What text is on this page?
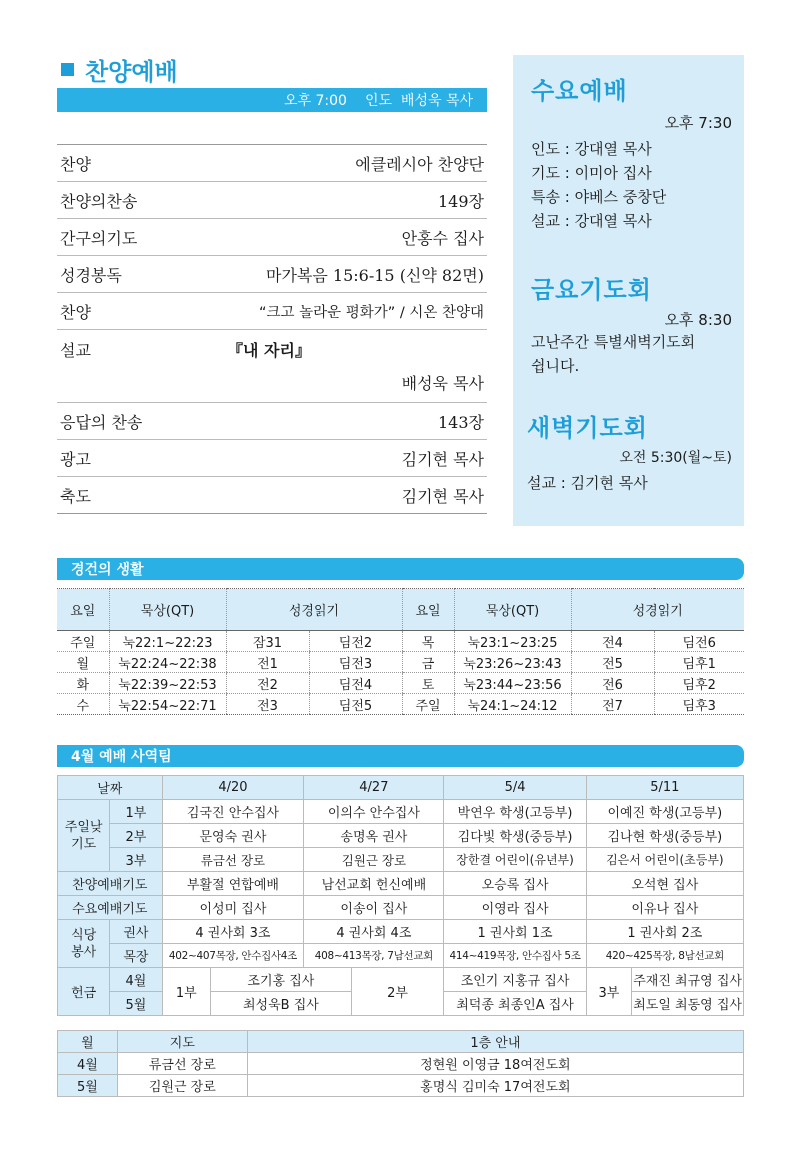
찬양예배
오후 7:00 인도  배성욱 목사
찬양	에클레시아 찬양단
찬양의찬송	149장
간구의기도	안홍수 집사
성경봉독	마가복음 15:6-15 (신약 82면)
찬양	“크고 놀라운 평화가” / 시온 찬양대
설교	『내 자리』
배성욱 목사
응답의 찬송	143장
광고	김기현 목사
축도	김기현 목사
수요예배
오후 7:30
인도 : 강대열 목사
기도 : 이미아 집사
특송 : 야베스 중창단
설교 : 강대열 목사
금요기도회
오후 8:30
고난주간 특별새벽기도회
쉽니다.
새벽기도회
오전 5:30(월~토)
설교 : 김기현 목사
경건의 생활
요일	묵상(QT)	성경읽기		요일	묵상(QT)	성경읽기	
주일	눅22:1~22:23	잠31	딤전2	목	눅23:1~23:25	전4	딤전6
월	눅22:24~22:38	전1	딤전3	금	눅23:26~23:43	전5	딤후1
화	눅22:39~22:53	전2	딤전4	토	눅23:44~23:56	전6	딤후2
수	눅22:54~22:71	전3	딤전5	주일	눅24:1~24:12	전7	딤후3
4월 예배 사역팀
날짜		4/20		4/27		5/4	5/11	
주일낮
기도	1부	김국진 안수집사		이의수 안수집사		박연우 학생(고등부)	이예진 학생(고등부)	
	2부	문영숙 권사		송명옥 권사		김다빛 학생(중등부)	김나현 학생(중등부)	
	3부	류금선 장로		김원근 장로		장한결 어린이(유년부)	김은서 어린이(초등부)	
찬양예배기도		부활절 연합예배		남선교회 헌신예배		오승록 집사	오석현 집사	
수요예배기도		이성미 집사		이송이 집사		이영라 집사	이유나 집사	
식당
봉사	권사	4 권사회 3조		4 권사회 4조		1 권사회 1조	1 권사회 2조	
	목장	402~407목장, 안수집사4조		408~413목장, 7남선교회		414~419목장, 안수집사 5조	420~425목장, 8남선교회	
헌금	4월	1부	조기홍 집사		2부	조인기 지홍규 집사	3부	주재진 최규영 집사
	5월		최성욱B 집사			최덕종 최종인A 집사		최도일 최동영 집사
월	지도	1층 안내
4월	류금선 장로	정현원 이영금 18여전도회
5월	김원근 장로	홍명식 김미숙 17여전도회
